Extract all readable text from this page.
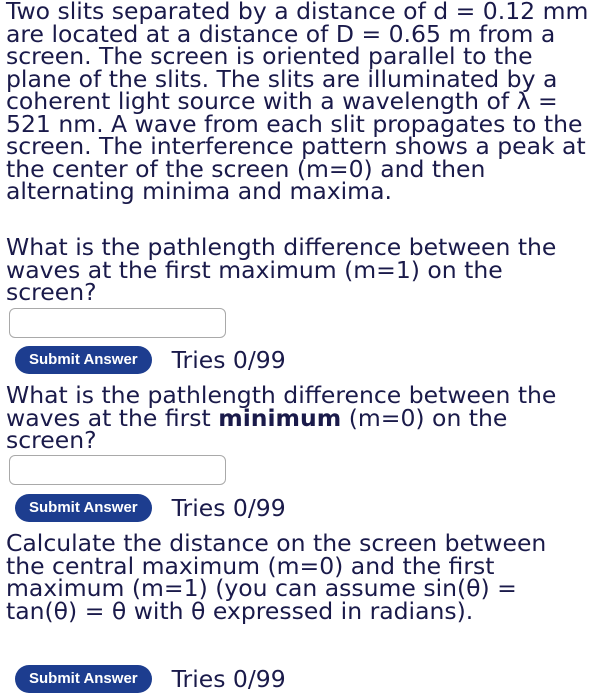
Two slits separated by a distance of d = 0.12 mm are located at a distance of D = 0.65 m from a screen. The screen is oriented parallel to the plane of the slits. The slits are illuminated by a coherent light source with a wavelength of λ = 521 nm. A wave from each slit propagates to the screen. The interference pattern shows a peak at the center of the screen (m=0) and then alternating minima and maxima.

What is the pathlength difference between the waves at the first maximum (m=1) on the screen?

Submit Answer	Tries 0/99

What is the pathlength difference between the waves at the first minimum (m=0) on the screen?

Submit Answer	Tries 0/99

Calculate the distance on the screen between the central maximum (m=0) and the first maximum (m=1) (you can assume sin(θ) = tan(θ) = θ with θ expressed in radians).

Submit Answer	Tries 0/99
